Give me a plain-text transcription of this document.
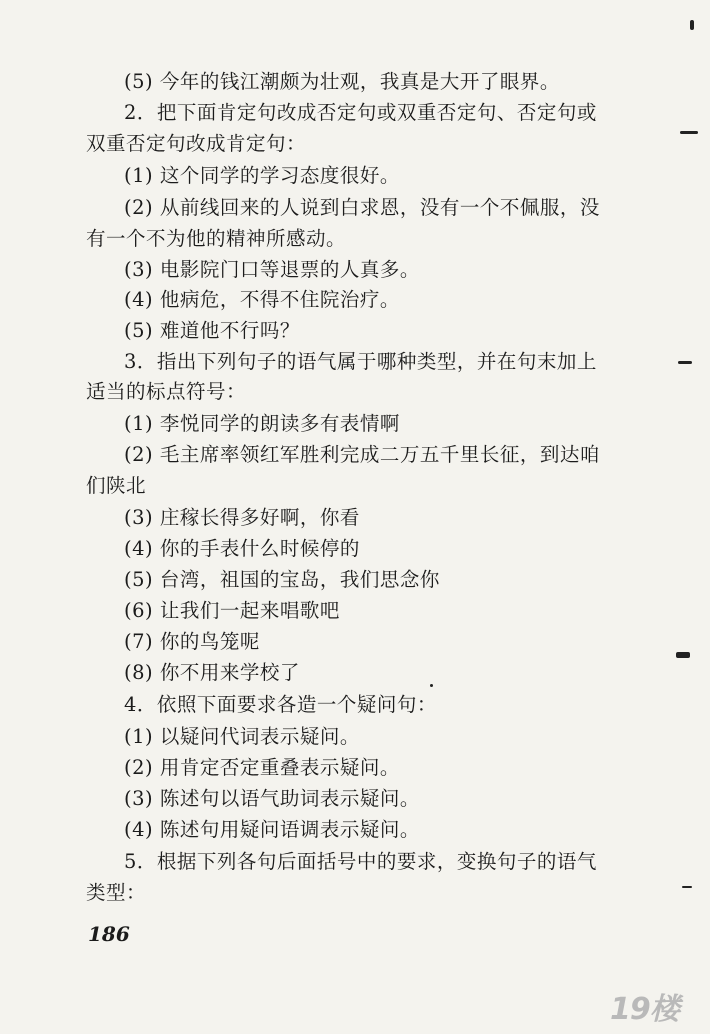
(5) 今年的钱江潮颇为壮观，我真是大开了眼界。
2．把下面肯定句改成否定句或双重否定句、否定句或
双重否定句改成肯定句：
(1) 这个同学的学习态度很好。
(2) 从前线回来的人说到白求恩，没有一个不佩服，没
有一个不为他的精神所感动。
(3) 电影院门口等退票的人真多。
(4) 他病危，不得不住院治疗。
(5) 难道他不行吗？
3．指出下列句子的语气属于哪种类型，并在句末加上
适当的标点符号：
(1) 李悦同学的朗读多有表情啊
(2) 毛主席率领红军胜利完成二万五千里长征，到达咱
们陕北
(3) 庄稼长得多好啊，你看
(4) 你的手表什么时候停的
(5) 台湾，祖国的宝岛，我们思念你
(6) 让我们一起来唱歌吧
(7) 你的鸟笼呢
(8) 你不用来学校了
4．依照下面要求各造一个疑问句：
(1) 以疑问代词表示疑问。
(2) 用肯定否定重叠表示疑问。
(3) 陈述句以语气助词表示疑问。
(4) 陈述句用疑问语调表示疑问。
5．根据下列各句后面括号中的要求，变换句子的语气
类型：
186
19楼
